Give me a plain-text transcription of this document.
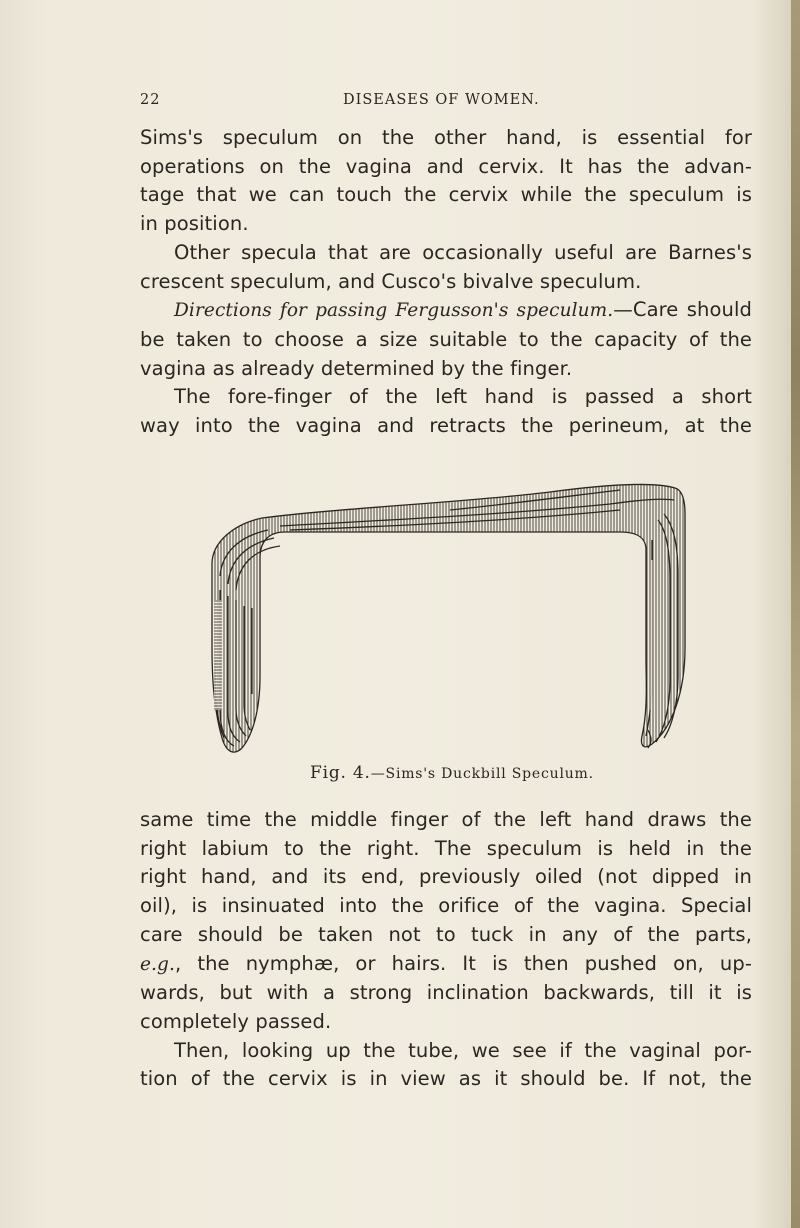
22	DISEASES OF WOMEN.
Sims's speculum on the other hand, is essential for
operations on the vagina and cervix. It has the advan-
tage that we can touch the cervix while the speculum is
in position.
Other specula that are occasionally useful are Barnes's
crescent speculum, and Cusco's bivalve speculum.
Directions for passing Fergusson's speculum.—Care should
be taken to choose a size suitable to the capacity of the
vagina as already determined by the finger.
The fore-finger of the left hand is passed a short
way into the vagina and retracts the perineum, at the
Fig. 4.—Sims's Duckbill Speculum.
same time the middle finger of the left hand draws the
right labium to the right. The speculum is held in the
right hand, and its end, previously oiled (not dipped in
oil), is insinuated into the orifice of the vagina. Special
care should be taken not to tuck in any of the parts,
e.g., the nymphæ, or hairs. It is then pushed on, up-
wards, but with a strong inclination backwards, till it is
completely passed.
Then, looking up the tube, we see if the vaginal por-
tion of the cervix is in view as it should be. If not, the
